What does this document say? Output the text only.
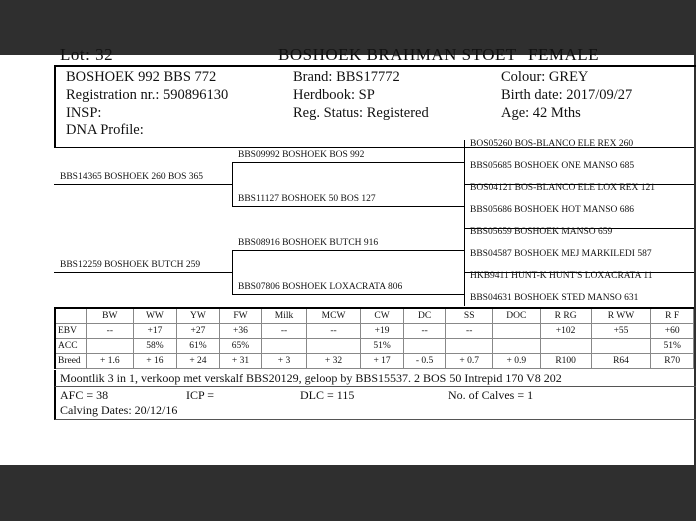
Lot: 32	BOSHOEK BRAHMAN STOET FEMALE
BOSHOEK 992 BBS 772
Registration nr.: 590896130
INSP:
DNA Profile:
Brand: BBS17772
Herdbook: SP
Reg. Status: Registered
Colour: GREY
Birth date: 2017/09/27
Age: 42 Mths
BBS14365 BOSHOEK 260 BOS 365
BBS12259 BOSHOEK BUTCH 259
BBS09992 BOSHOEK BOS 992
BBS11127 BOSHOEK 50 BOS 127
BBS08916 BOSHOEK BUTCH 916
BBS07806 BOSHOEK LOXACRATA 806
BOS05260 BOS-BLANCO ELE REX 260
BBS05685 BOSHOEK ONE MANSO 685
BOS04121 BOS-BLANCO ELE LOX REX 121
BBS05686 BOSHOEK HOT MANSO 686
BBS05659 BOSHOEK MANSO 659
BBS04587 BOSHOEK MEJ MARKILEDI 587
HKB9411 HUNT-K HUNT'S LOXACRATA 11
BBS04631 BOSHOEK STED MANSO 631
	BW	WW	YW	FW	Milk	MCW	CW	DC	SS	DOC	R RG	R WW	R F
EBV	--	+17	+27	+36	--	--	+19	--	--		+102	+55	+60
ACC		58%	61%	65%			51%						51%
Breed	+ 1.6	+ 16	+ 24	+ 31	+ 3	+ 32	+ 17	- 0.5	+ 0.7	+ 0.9	R100	R64	R70
Moontlik 3 in 1, verkoop met verskalf BBS20129, geloop by BBS15537. 2 BOS 50 Intrepid 170 V8 202
AFC = 38	ICP =	DLC = 115	No. of Calves = 1
Calving Dates: 20/12/16
